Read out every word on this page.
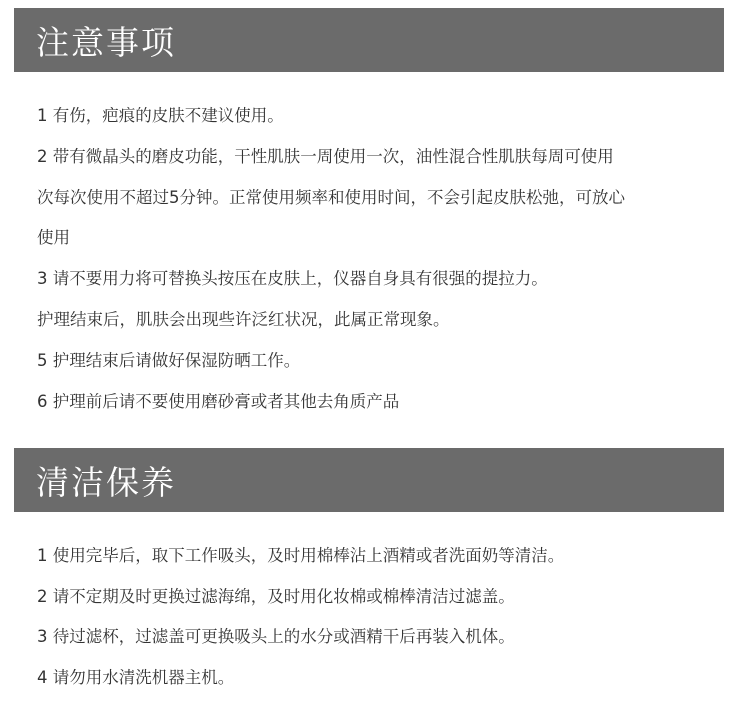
注意事项
1 有伤，疤痕的皮肤不建议使用。
2 带有微晶头的磨皮功能，干性肌肤一周使用一次，油性混合性肌肤每周可使用
次每次使用不超过5分钟。正常使用频率和使用时间，不会引起皮肤松弛，可放心
使用
3 请不要用力将可替换头按压在皮肤上，仪器自身具有很强的提拉力。
护理结束后，肌肤会出现些许泛红状况，此属正常现象。
5 护理结束后请做好保湿防晒工作。
6 护理前后请不要使用磨砂膏或者其他去角质产品
清洁保养
1 使用完毕后，取下工作吸头，及时用棉棒沾上酒精或者洗面奶等清洁。
2 请不定期及时更换过滤海绵，及时用化妆棉或棉棒清洁过滤盖。
3 待过滤杯，过滤盖可更换吸头上的水分或酒精干后再装入机体。
4 请勿用水清洗机器主机。
